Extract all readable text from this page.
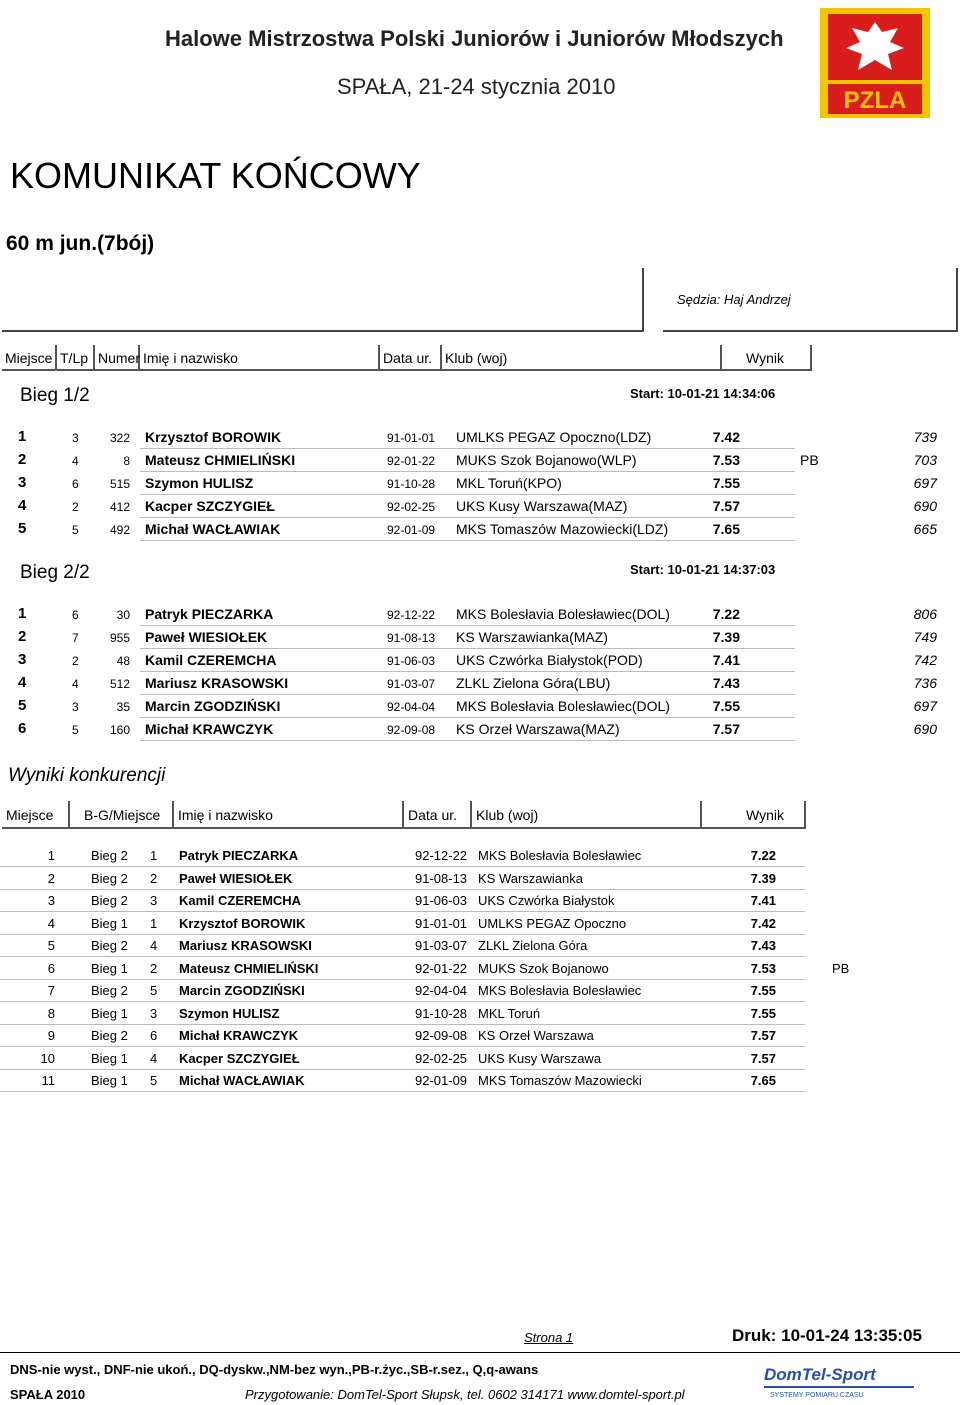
Halowe Mistrzostwa Polski Juniorów i Juniorów Młodszych
SPAŁA, 21-24 stycznia 2010
PZLA
KOMUNIKAT KOŃCOWY
60 m jun.(7bój)
Sędzia: Haj Andrzej
Miejsce T/Lp Numer Imię i nazwisko	Data ur. Klub (woj)	Wynik
Bieg 1/2	Start: 10-01-21 14:34:06
1	3	322 Krzysztof BOROWIK	91-01-01 UMLKS PEGAZ Opoczno(LDZ)	7.42	739
2	4	8 Mateusz CHMIELIŃSKI	92-01-22 MUKS Szok Bojanowo(WLP)	7.53	PB	703
3	6	515 Szymon HULISZ	91-10-28 MKL Toruń(KPO)	7.55	697
4	2	412 Kacper SZCZYGIEŁ	92-02-25 UKS Kusy Warszawa(MAZ)	7.57	690
5	5	492 Michał WACŁAWIAK	92-01-09 MKS Tomaszów Mazowiecki(LDZ)	7.65	665
Bieg 2/2	Start: 10-01-21 14:37:03
1	6	30 Patryk PIECZARKA	92-12-22 MKS Bolesłavia Bolesławiec(DOL)	7.22	806
2	7	955 Paweł WIESIOŁEK	91-08-13 KS Warszawianka(MAZ)	7.39	749
3	2	48 Kamil CZEREMCHA	91-06-03 UKS Czwórka Białystok(POD)	7.41	742
4	4	512 Mariusz KRASOWSKI	91-03-07 ZLKL Zielona Góra(LBU)	7.43	736
5	3	35 Marcin ZGODZIŃSKI	92-04-04 MKS Bolesłavia Bolesławiec(DOL)	7.55	697
6	5	160 Michał KRAWCZYK	92-09-08 KS Orzeł Warszawa(MAZ)	7.57	690
Wyniki konkurencji
Miejsce	B-G/Miejsce	Imię i nazwisko	Data ur.	Klub (woj)	Wynik
1	Bieg 2 1 Patryk PIECZARKA	92-12-22 MKS Bolesłavia Bolesławiec	7.22
2	Bieg 2 2 Paweł WIESIOŁEK	91-08-13 KS Warszawianka	7.39
3	Bieg 2 3 Kamil CZEREMCHA	91-06-03 UKS Czwórka Białystok	7.41
4	Bieg 1 1 Krzysztof BOROWIK	91-01-01 UMLKS PEGAZ Opoczno	7.42
5	Bieg 2 4 Mariusz KRASOWSKI	91-03-07 ZLKL Zielona Góra	7.43
6	Bieg 1 2 Mateusz CHMIELIŃSKI	92-01-22 MUKS Szok Bojanowo	7.53	PB
7	Bieg 2 5 Marcin ZGODZIŃSKI	92-04-04 MKS Bolesłavia Bolesławiec	7.55
8	Bieg 1 3 Szymon HULISZ	91-10-28 MKL Toruń	7.55
9	Bieg 2 6 Michał KRAWCZYK	92-09-08 KS Orzeł Warszawa	7.57
10	Bieg 1 4 Kacper SZCZYGIEŁ	92-02-25 UKS Kusy Warszawa	7.57
11	Bieg 1 5 Michał WACŁAWIAK	92-01-09 MKS Tomaszów Mazowiecki	7.65
Strona 1	Druk: 10-01-24 13:35:05
DNS-nie wyst., DNF-nie ukoń., DQ-dyskw.,NM-bez wyn.,PB-r.życ.,SB-r.sez., Q,q-awans
SPAŁA 2010	Przygotowanie: DomTel-Sport Słupsk, tel. 0602 314171 www.domtel-sport.pl
DomTel-Sport
SYSTEMY POMIARU CZASU
